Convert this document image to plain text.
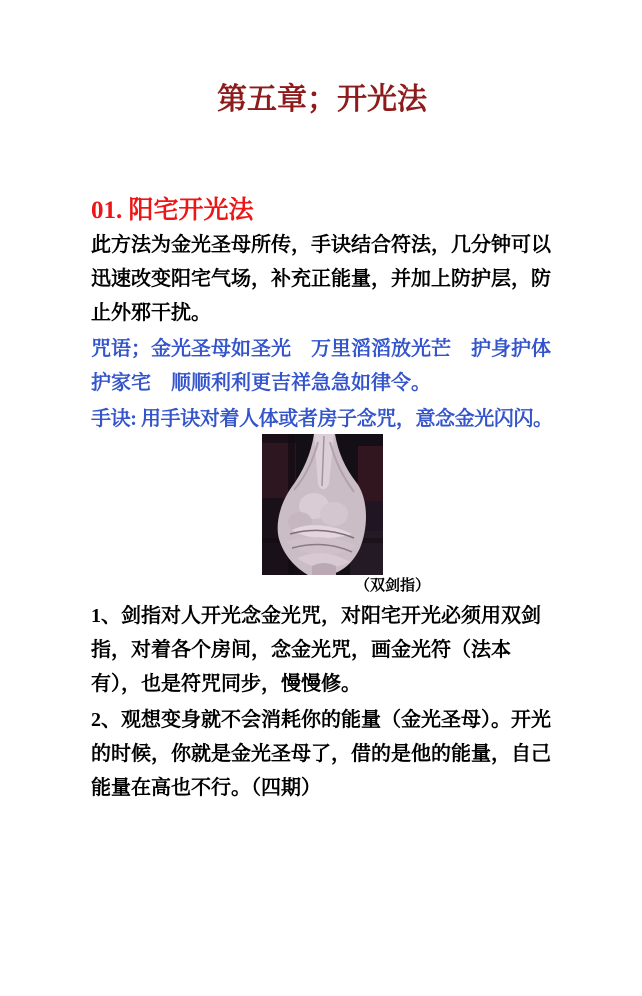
第五章；开光法
01. 阳宅开光法

此方法为金光圣母所传，手诀结合符法，几分钟可以迅速改变阳宅气场，补充正能量，并加上防护层，防止外邪干扰。

咒语；金光圣母如圣光　万里滔滔放光芒　护身护体护家宅　顺顺利利更吉祥急急如律令。

手诀: 用手诀对着人体或者房子念咒，意念金光闪闪。

（双剑指）

1、剑指对人开光念金光咒，对阳宅开光必须用双剑指，对着各个房间，念金光咒，画金光符（法本有），也是符咒同步，慢慢修。

2、观想变身就不会消耗你的能量（金光圣母）。开光的时候，你就是金光圣母了，借的是他的能量，自己能量在高也不行。（四期）
